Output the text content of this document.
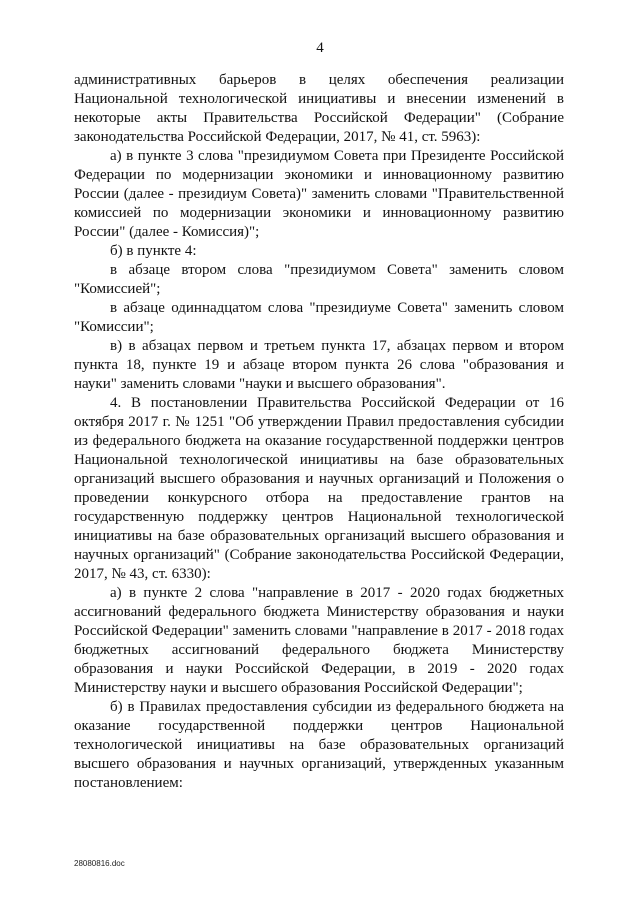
4

административных барьеров в целях обеспечения реализации Национальной технологической инициативы и внесении изменений в некоторые акты Правительства Российской Федерации" (Собрание законодательства Российской Федерации, 2017, № 41, ст. 5963):

а) в пункте 3 слова "президиумом Совета при Президенте Российской Федерации по модернизации экономики и инновационному развитию России (далее - президиум Совета)" заменить словами "Правительственной комиссией по модернизации экономики и инновационному развитию России" (далее - Комиссия)";

б) в пункте 4:

в абзаце втором слова "президиумом Совета" заменить словом "Комиссией";

в абзаце одиннадцатом слова "президиуме Совета" заменить словом "Комиссии";

в) в абзацах первом и третьем пункта 17, абзацах первом и втором пункта 18, пункте 19 и абзаце втором пункта 26 слова "образования и науки" заменить словами "науки и высшего образования".

4. В постановлении Правительства Российской Федерации от 16 октября 2017 г. № 1251 "Об утверждении Правил предоставления субсидии из федерального бюджета на оказание государственной поддержки центров Национальной технологической инициативы на базе образовательных организаций высшего образования и научных организаций и Положения о проведении конкурсного отбора на предоставление грантов на государственную поддержку центров Национальной технологической инициативы на базе образовательных организаций высшего образования и научных организаций" (Собрание законодательства Российской Федерации, 2017, № 43, ст. 6330):

а) в пункте 2 слова "направление в 2017 - 2020 годах бюджетных ассигнований федерального бюджета Министерству образования и науки Российской Федерации" заменить словами "направление в 2017 - 2018 годах бюджетных ассигнований федерального бюджета Министерству образования и науки Российской Федерации, в 2019 - 2020 годах Министерству науки и высшего образования Российской Федерации";

б) в Правилах предоставления субсидии из федерального бюджета на оказание государственной поддержки центров Национальной технологической инициативы на базе образовательных организаций высшего образования и научных организаций, утвержденных указанным постановлением:

28080816.doc
